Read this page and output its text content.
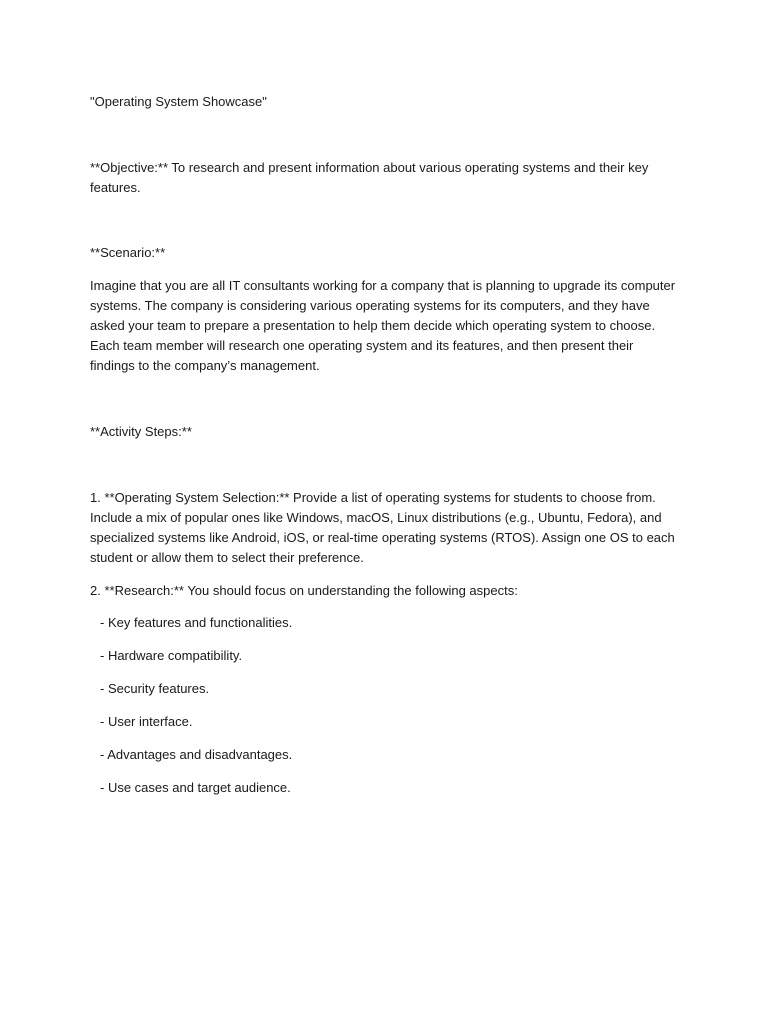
"Operating System Showcase"

**Objective:** To research and present information about various operating systems and their key features.

**Scenario:**

Imagine that you are all IT consultants working for a company that is planning to upgrade its computer systems. The company is considering various operating systems for its computers, and they have asked your team to prepare a presentation to help them decide which operating system to choose. Each team member will research one operating system and its features, and then present their findings to the company’s management.

**Activity Steps:**

1. **Operating System Selection:** Provide a list of operating systems for students to choose from. Include a mix of popular ones like Windows, macOS, Linux distributions (e.g., Ubuntu, Fedora), and specialized systems like Android, iOS, or real-time operating systems (RTOS). Assign one OS to each student or allow them to select their preference.

2. **Research:** You should focus on understanding the following aspects:

- Key features and functionalities.

- Hardware compatibility.

- Security features.

- User interface.

- Advantages and disadvantages.

- Use cases and target audience.
